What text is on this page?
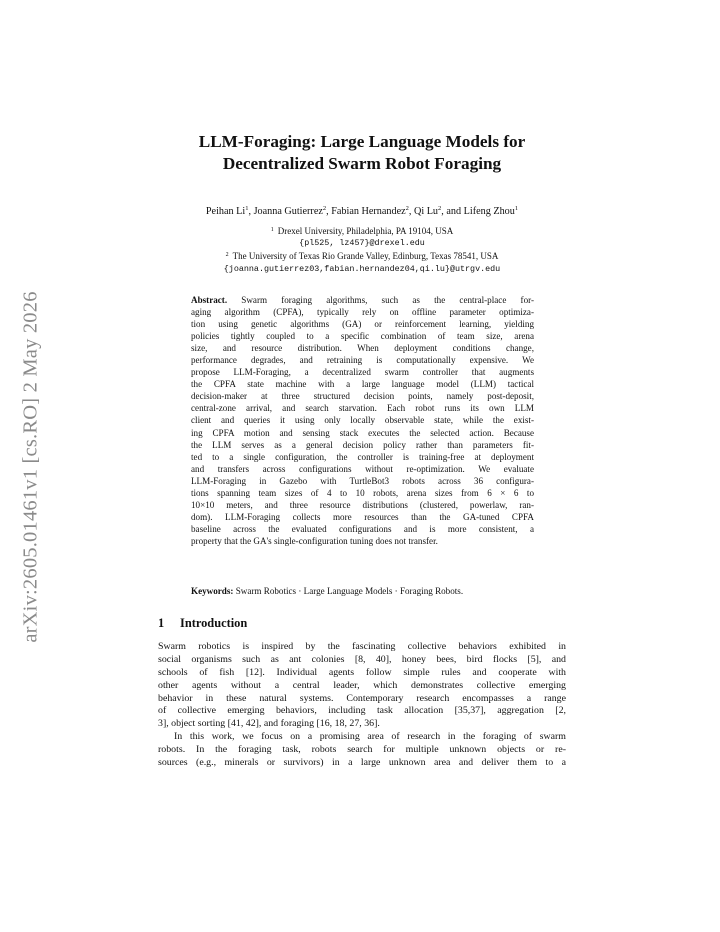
arXiv:2605.01461v1 [cs.RO] 2 May 2026
LLM-Foraging: Large Language Models for
Decentralized Swarm Robot Foraging
Peihan Li$^1$, Joanna Gutierrez$^2$, Fabian Hernandez$^2$, Qi Lu$^2$, and Lifeng Zhou$^1$
$^1$ Drexel University, Philadelphia, PA 19104, USA
{pl525, lz457}@drexel.edu
$^2$ The University of Texas Rio Grande Valley, Edinburg, Texas 78541, USA
{joanna.gutierrez03,fabian.hernandez04,qi.lu}@utrgv.edu
Abstract. Swarm foraging algorithms, such as the central-place for-
aging algorithm (CPFA), typically rely on offline parameter optimiza-
tion using genetic algorithms (GA) or reinforcement learning, yielding
policies tightly coupled to a specific combination of team size, arena
size, and resource distribution. When deployment conditions change,
performance degrades, and retraining is computationally expensive. We
propose LLM-Foraging, a decentralized swarm controller that augments
the CPFA state machine with a large language model (LLM) tactical
decision-maker at three structured decision points, namely post-deposit,
central-zone arrival, and search starvation. Each robot runs its own LLM
client and queries it using only locally observable state, while the exist-
ing CPFA motion and sensing stack executes the selected action. Because
the LLM serves as a general decision policy rather than parameters fit-
ted to a single configuration, the controller is training-free at deployment
and transfers across configurations without re-optimization. We evaluate
LLM-Foraging in Gazebo with TurtleBot3 robots across 36 configura-
tions spanning team sizes of 4 to 10 robots, arena sizes from 6 × 6 to
10×10 meters, and three resource distributions (clustered, powerlaw, ran-
dom). LLM-Foraging collects more resources than the GA-tuned CPFA
baseline across the evaluated configurations and is more consistent, a
property that the GA's single-configuration tuning does not transfer.
Keywords: Swarm Robotics · Large Language Models · Foraging Robots.
1 Introduction
Swarm robotics is inspired by the fascinating collective behaviors exhibited in
social organisms such as ant colonies [8, 40], honey bees, bird flocks [5], and
schools of fish [12]. Individual agents follow simple rules and cooperate with
other agents without a central leader, which demonstrates collective emerging
behavior in these natural systems. Contemporary research encompasses a range
of collective emerging behaviors, including task allocation [35,37], aggregation [2,
3], object sorting [41, 42], and foraging [16, 18, 27, 36].
In this work, we focus on a promising area of research in the foraging of swarm
robots. In the foraging task, robots search for multiple unknown objects or re-
sources (e.g., minerals or survivors) in a large unknown area and deliver them to a
